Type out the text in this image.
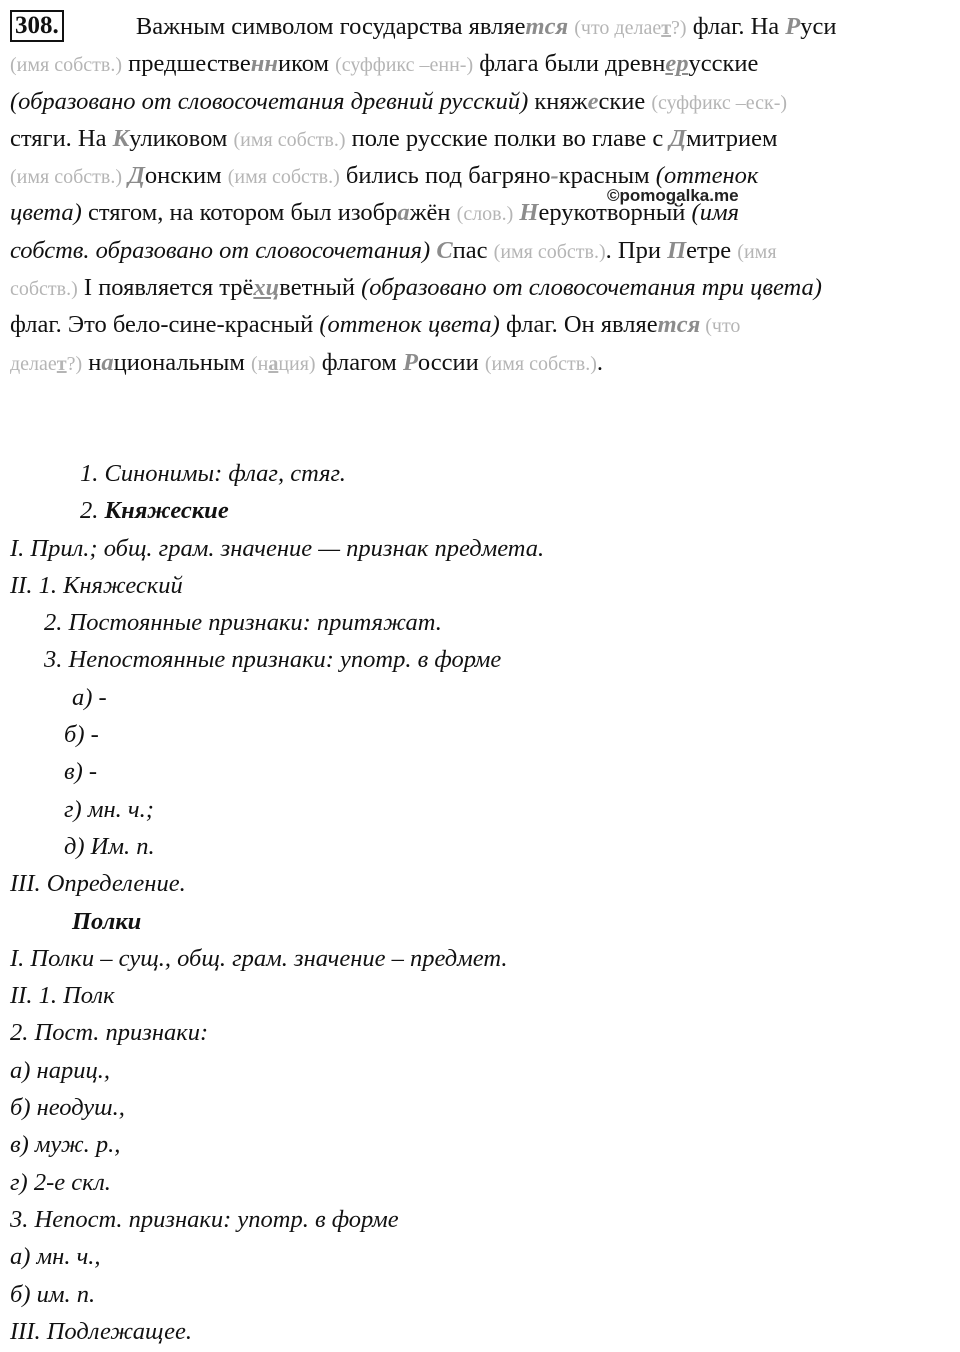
308.	Важным символом государства является (что делает?) флаг. На Руси
(имя собств.) предшественником (суффикс –енн-) флага были древнерусские
(образовано от словосочетания древний русский) княжеские (суффикс –еск-)
стяги. На Куликовом (имя собств.) поле русские полки во главе с Дмитрием
(имя собств.) Донским (имя собств.) бились под багряно-красным (оттенок
цвета) стягом, на котором был изображён (слов.) Нерукотворный (имя
собств. образовано от словосочетания) Спас (имя собств.). При Петре (имя
собств.) I появляется трёхцветный (образовано от словосочетания три цвета)
флаг. Это бело-сине-красный (оттенок цвета) флаг. Он является (что
делает?) национальным (нация) флагом России (имя собств.).
©pomogalka.me
1. Синонимы: флаг, стяг.
2. Княжеские
I. Прил.; общ. грам. значение — признак предмета.
II. 1. Княжеский
2. Постоянные признаки: притяжат.
3. Непостоянные признаки: употр. в форме
а) -
б) -
в) -
г) мн. ч.;
д) Им. п.
III. Определение.
Полки
I. Полки – сущ., общ. грам. значение – предмет.
II. 1. Полк
2. Пост. признаки:
а) нариц.,
б) неодуш.,
в) муж. р.,
г) 2-е скл.
3. Непост. признаки: употр. в форме
а) мн. ч.,
б) им. п.
III. Подлежащее.
